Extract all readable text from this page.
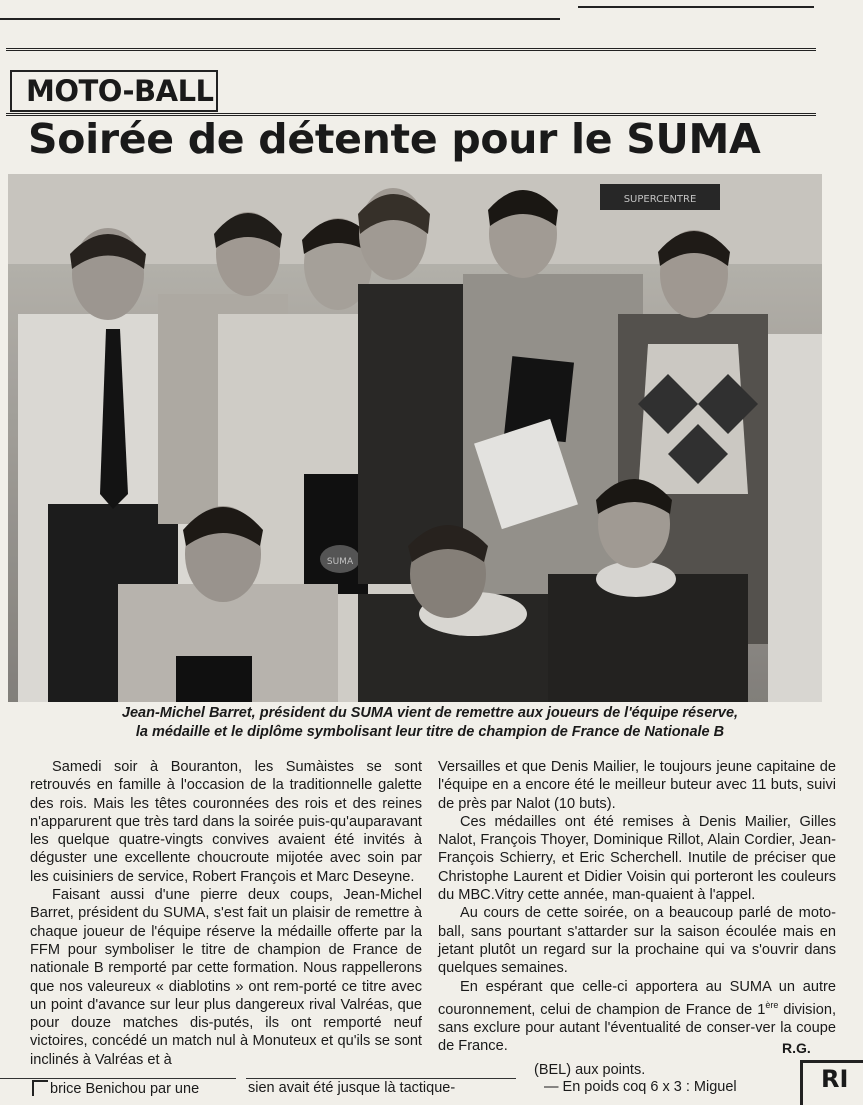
MOTO-BALL
Soirée de détente pour le SUMA
SUPERCENTRE
SUMA
Jean-Michel Barret, président du SUMA vient de remettre aux joueurs de l'équipe réserve,
la médaille et le diplôme symbolisant leur titre de champion de France de Nationale B

Samedi soir à Bouranton, les Sumàistes se sont retrouvés en famille à l'occasion de la traditionnelle galette des rois. Mais les têtes couronnées des rois et des reines n'apparurent que très tard dans la soirée puis-qu'auparavant les quelque quatre-vingts convives avaient été invités à déguster une excellente choucroute mijotée avec soin par les cuisiniers de service, Robert François et Marc Deseyne.

Faisant aussi d'une pierre deux coups, Jean-Michel Barret, président du SUMA, s'est fait un plaisir de remettre à chaque joueur de l'équipe réserve la médaille offerte par la FFM pour symboliser le titre de champion de France de nationale B remporté par cette formation. Nous rappellerons que nos valeureux « diablotins » ont rem-porté ce titre avec un point d'avance sur leur plus dangereux rival Valréas, que pour douze matches dis-putés, ils ont remporté neuf victoires, concédé un match nul à Monuteux et qu'ils se sont inclinés à Valréas et à

Versailles et que Denis Mailier, le toujours jeune capitaine de l'équipe en a encore été le meilleur buteur avec 11 buts, suivi de près par Nalot (10 buts).

Ces médailles ont été remises à Denis Mailier, Gilles Nalot, François Thoyer, Dominique Rillot, Alain Cordier, Jean-François Schierry, et Eric Scherchell. Inutile de préciser que Christophe Laurent et Didier Voisin qui porteront les couleurs du MBC.Vitry cette année, man-quaient à l'appel.

Au cours de cette soirée, on a beaucoup parlé de moto-ball, sans pourtant s'attarder sur la saison écoulée mais en jetant plutôt un regard sur la prochaine qui va s'ouvrir dans quelques semaines.

En espérant que celle-ci apportera au SUMA un autre couronnement, celui de champion de France de 1ère division, sans exclure pour autant l'éventualité de conser-ver la coupe de France.	R.G.
brice Benichou par une	sien avait été jusque là tactique-
(BEL) aux points.
— En poids coq 6 x 3 : Miguel	RI
